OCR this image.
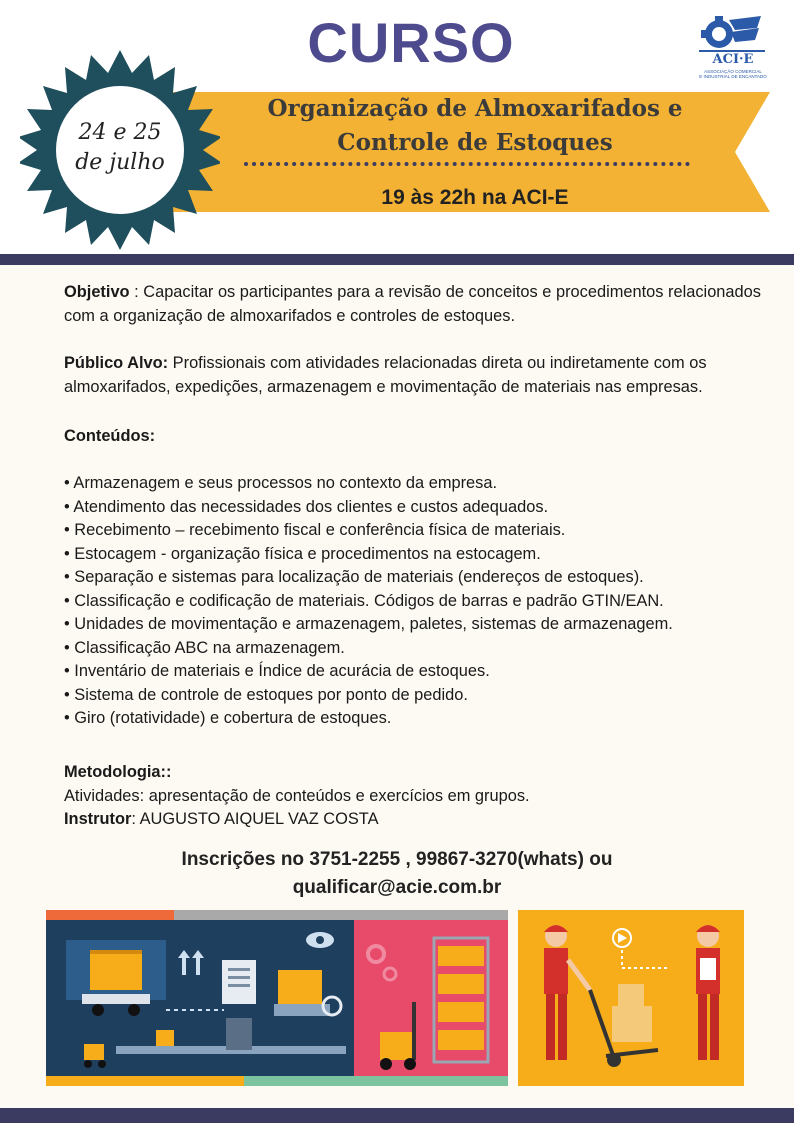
CURSO

Organização de Almoxarifados e
Controle de Estoques

19 às 22h na ACI-E

24 e 25
de julho

ACI·E
ASSOCIAÇÃO COMERCIAL
E INDUSTRIAL DE ENCANTADO

Objetivo : Capacitar os participantes para a revisão de conceitos e procedimentos relacionados com a organização de almoxarifados e controles de estoques.

Público Alvo: Profissionais com atividades relacionadas direta ou indiretamente com os almoxarifados, expedições, armazenagem e movimentação de materiais nas empresas.

Conteúdos:

• Armazenagem e seus processos no contexto da empresa.
• Atendimento das necessidades dos clientes e custos adequados.
• Recebimento – recebimento fiscal e conferência física de materiais.
• Estocagem - organização física e procedimentos na estocagem.
• Separação e sistemas para localização de materiais (endereços de estoques).
• Classificação e codificação de materiais. Códigos de barras e padrão GTIN/EAN.
• Unidades de movimentação e armazenagem, paletes, sistemas de armazenagem.
• Classificação ABC na armazenagem.
• Inventário de materiais e Índice de acurácia de estoques.
• Sistema de controle de estoques por ponto de pedido.
• Giro (rotatividade) e cobertura de estoques.

Metodologia::
Atividades: apresentação de conteúdos e exercícios em grupos.
Instrutor: AUGUSTO AIQUEL VAZ COSTA

Inscrições no 3751-2255 , 99867-3270(whats) ou
qualificar@acie.com.br
